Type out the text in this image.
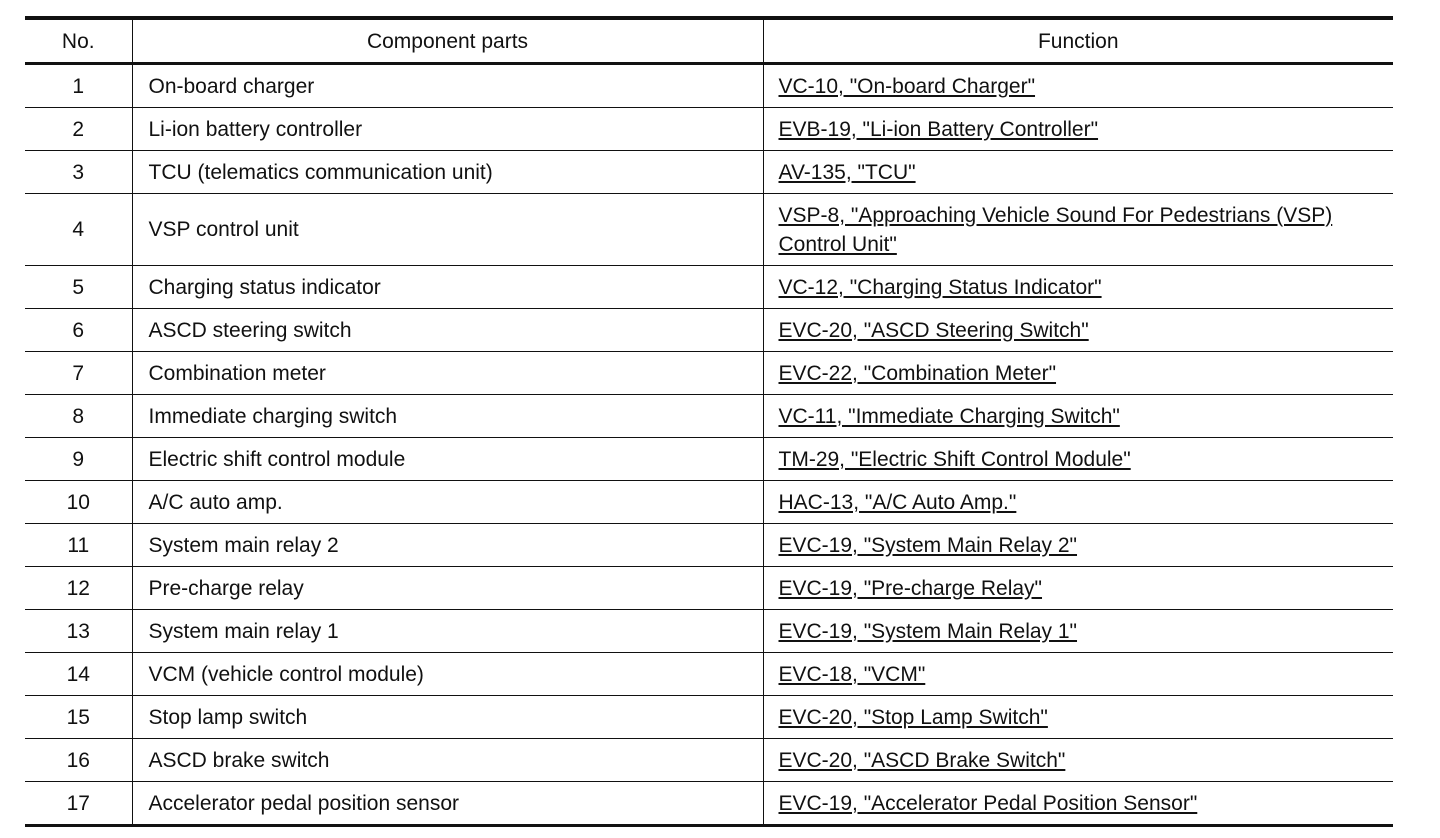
No.	Component parts	Function
1	On-board charger	VC-10, "On-board Charger"
2	Li-ion battery controller	EVB-19, "Li-ion Battery Controller"
3	TCU (telematics communication unit)	AV-135, "TCU"
4	VSP control unit	VSP-8, "Approaching Vehicle Sound For Pedestrians (VSP) Control Unit"
5	Charging status indicator	VC-12, "Charging Status Indicator"
6	ASCD steering switch	EVC-20, "ASCD Steering Switch"
7	Combination meter	EVC-22, "Combination Meter"
8	Immediate charging switch	VC-11, "Immediate Charging Switch"
9	Electric shift control module	TM-29, "Electric Shift Control Module"
10	A/C auto amp.	HAC-13, "A/C Auto Amp."
11	System main relay 2	EVC-19, "System Main Relay 2"
12	Pre-charge relay	EVC-19, "Pre-charge Relay"
13	System main relay 1	EVC-19, "System Main Relay 1"
14	VCM (vehicle control module)	EVC-18, "VCM"
15	Stop lamp switch	EVC-20, "Stop Lamp Switch"
16	ASCD brake switch	EVC-20, "ASCD Brake Switch"
17	Accelerator pedal position sensor	EVC-19, "Accelerator Pedal Position Sensor"
